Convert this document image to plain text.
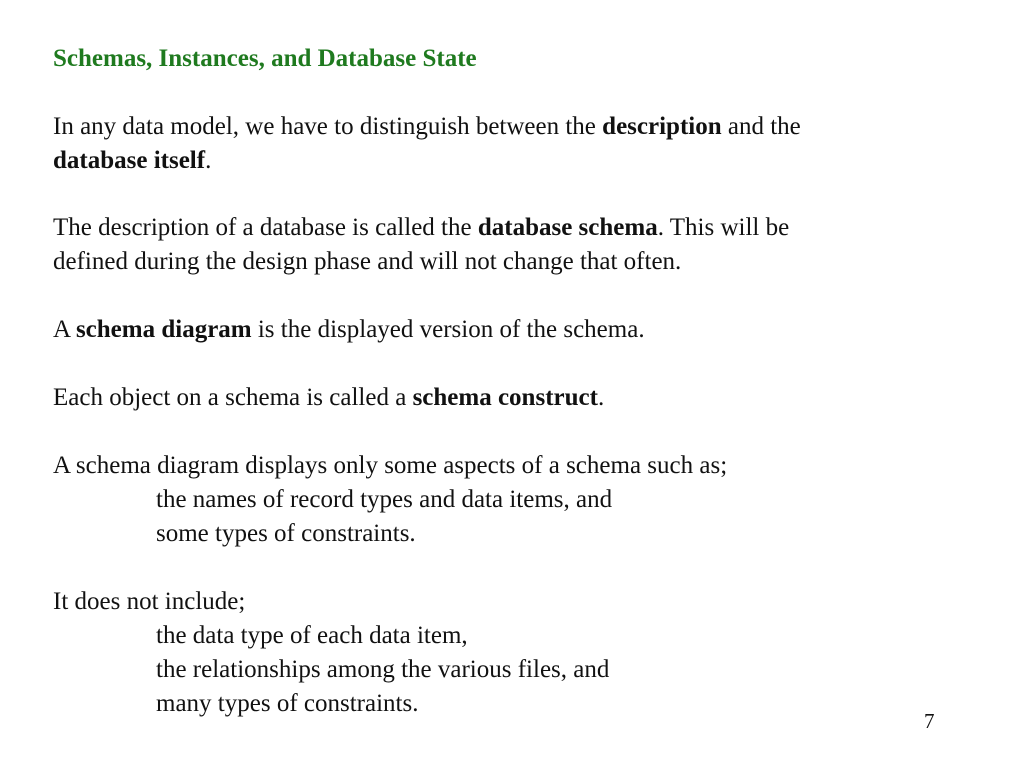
Schemas, Instances, and Database State
In any data model, we have to distinguish between the description and the
database itself.
The description of a database is called the database schema. This will be
defined during the design phase and will not change that often.
A schema diagram is the displayed version of the schema.
Each object on a schema is called a schema construct.
A schema diagram displays only some aspects of a schema such as;
the names of record types and data items, and
some types of constraints.
It does not include;
the data type of each data item,
the relationships among the various files, and
many types of constraints.
7
